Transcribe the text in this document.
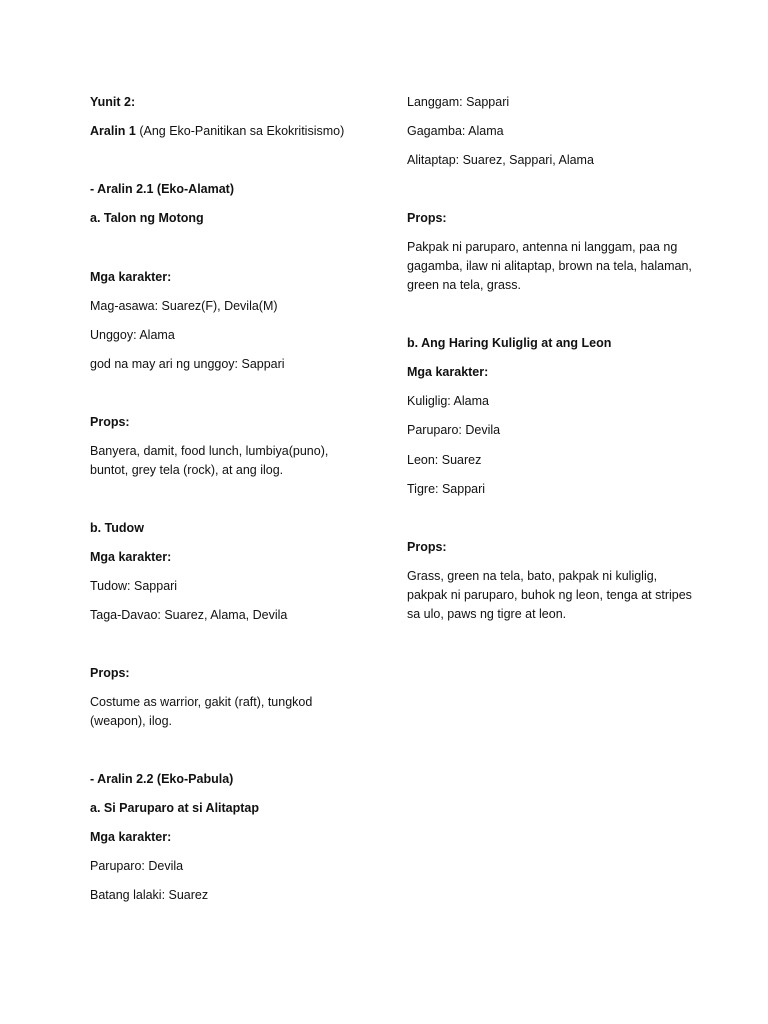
Yunit 2:
Aralin 1 (Ang Eko-Panitikan sa Ekokritisismo)
- Aralin 2.1 (Eko-Alamat)
a. Talon ng Motong
Mga karakter:
Mag-asawa: Suarez(F), Devila(M)
Unggoy: Alama
god na may ari ng unggoy: Sappari
Props:
Banyera, damit, food lunch, lumbiya(puno), buntot, grey tela (rock), at ang ilog.
b. Tudow
Mga karakter:
Tudow: Sappari
Taga-Davao: Suarez, Alama, Devila
Props:
Costume as warrior, gakit (raft), tungkod (weapon), ilog.
- Aralin 2.2 (Eko-Pabula)
a. Si Paruparo at si Alitaptap
Mga karakter:
Paruparo: Devila
Batang lalaki: Suarez
Langgam: Sappari
Gagamba: Alama
Alitaptap: Suarez, Sappari, Alama
Props:
Pakpak ni paruparo, antenna ni langgam, paa ng gagamba, ilaw ni alitaptap, brown na tela, halaman, green na tela, grass.
b. Ang Haring Kuliglig at ang Leon
Mga karakter:
Kuliglig: Alama
Paruparo: Devila
Leon: Suarez
Tigre: Sappari
Props:
Grass, green na tela, bato, pakpak ni kuliglig, pakpak ni paruparo, buhok ng leon, tenga at stripes sa ulo, paws ng tigre at leon.
